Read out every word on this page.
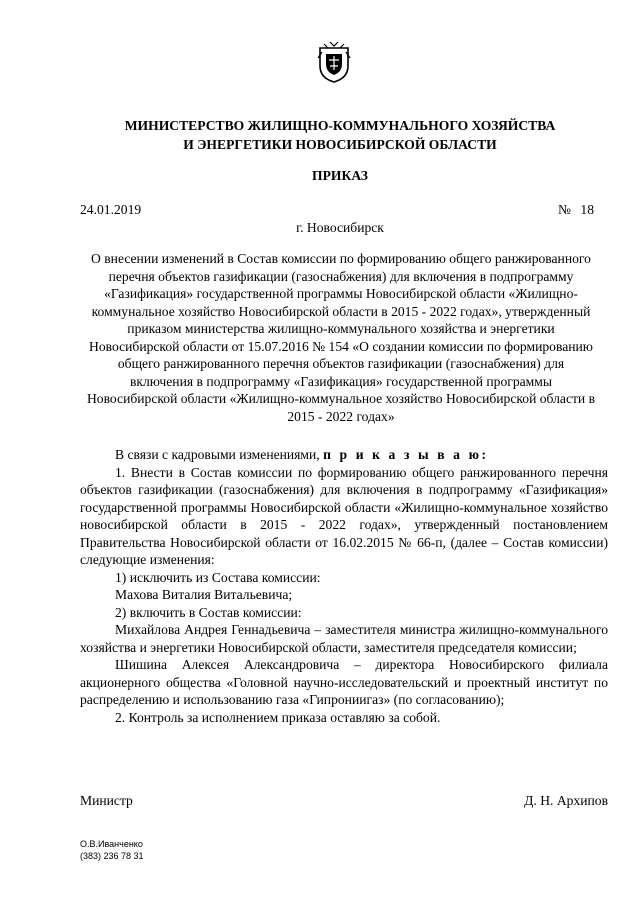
МИНИСТЕРСТВО ЖИЛИЩНО-КОММУНАЛЬНОГО ХОЗЯЙСТВА
И ЭНЕРГЕТИКИ НОВОСИБИРСКОЙ ОБЛАСТИ
ПРИКАЗ
24.01.2019	№ 18
г. Новосибирск
О внесении изменений в Состав комиссии по формированию общего ранжированного перечня объектов газификации (газоснабжения) для включения в подпрограмму «Газификация» государственной программы Новосибирской области «Жилищно-коммунальное хозяйство Новосибирской области в 2015 - 2022 годах», утвержденный приказом министерства жилищно-коммунального хозяйства и энергетики Новосибирской области от 15.07.2016 № 154 «О создании комиссии по формированию общего ранжированного перечня объектов газификации (газоснабжения) для включения в подпрограмму «Газификация» государственной программы Новосибирской области «Жилищно-коммунальное хозяйство Новосибирской области в 2015 - 2022 годах»

В связи с кадровыми изменениями, п р и к а з ы в а ю:

1. Внести в Состав комиссии по формированию общего ранжированного перечня объектов газификации (газоснабжения) для включения в подпрограмму «Газификация» государственной программы Новосибирской области «Жилищно-коммунальное хозяйство новосибирской области в 2015 - 2022 годах», утвержденный постановлением Правительства Новосибирской области от 16.02.2015 № 66-п, (далее – Состав комиссии) следующие изменения:

1) исключить из Состава комиссии:

Махова Виталия Витальевича;

2) включить в Состав комиссии:

Михайлова Андрея Геннадьевича – заместителя министра жилищно-коммунального хозяйства и энергетики Новосибирской области, заместителя председателя комиссии;

Шишина Алексея Александровича – директора Новосибирского филиала акционерного общества «Головной научно-исследовательский и проектный институт по распределению и использованию газа «Гипрониигаз» (по согласованию);

2. Контроль за исполнением приказа оставляю за собой.

Министр	Д. Н. Архипов
О.В.Иванченко
(383) 236 78 31
